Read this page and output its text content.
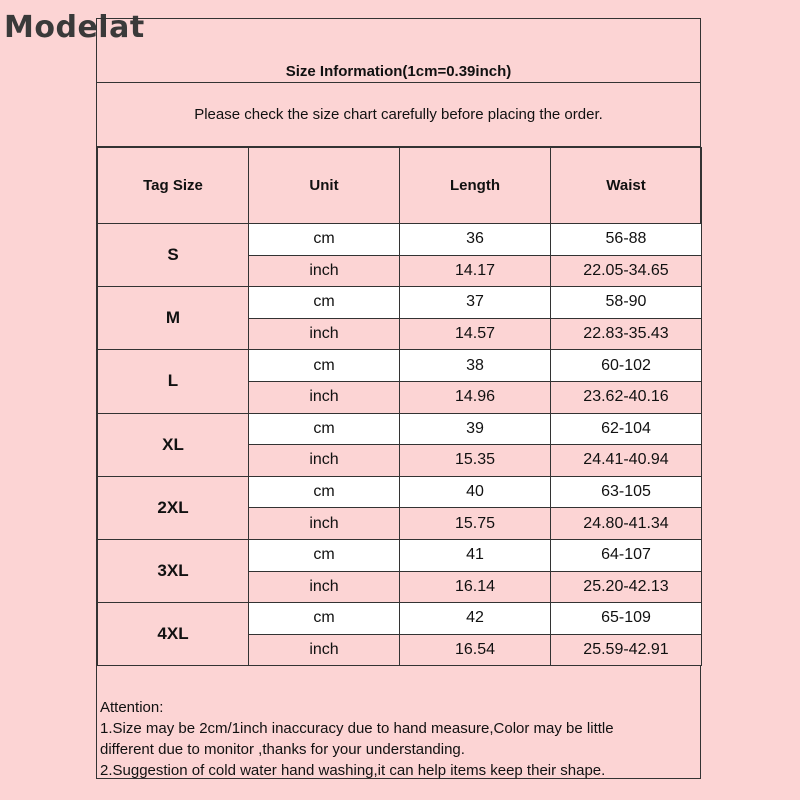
Modelat
Size Information(1cm=0.39inch)
Please check the size chart carefully before placing the order.
Tag Size	Unit	Length	Waist
S	cm	36	56-88
	inch	14.17	22.05-34.65
M	cm	37	58-90
	inch	14.57	22.83-35.43
L	cm	38	60-102
	inch	14.96	23.62-40.16
XL	cm	39	62-104
	inch	15.35	24.41-40.94
2XL	cm	40	63-105
	inch	15.75	24.80-41.34
3XL	cm	41	64-107
	inch	16.14	25.20-42.13
4XL	cm	42	65-109
	inch	16.54	25.59-42.91
Attention:
1.Size may be 2cm/1inch inaccuracy due to hand measure,Color may be little
different due to monitor ,thanks for your understanding.
2.Suggestion of cold water hand washing,it can help items keep their shape.
